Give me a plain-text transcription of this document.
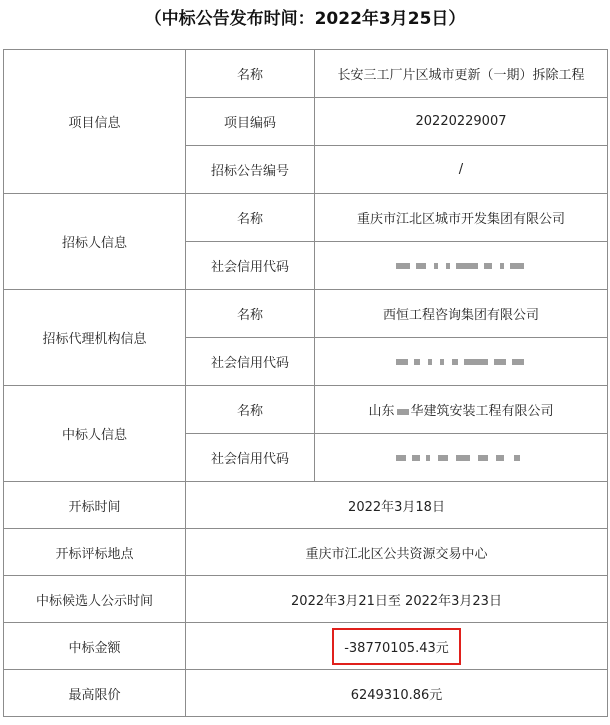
（中标公告发布时间：2022年3月25日）
项目信息	名称	长安三工厂片区城市更新（一期）拆除工程
	项目编码	20220229007
	招标公告编号	/
招标人信息	名称	重庆市江北区城市开发集团有限公司
	社会信用代码	

招标代理机构信息	名称	西恒工程咨询集团有限公司
	社会信用代码	

中标人信息	名称	山东 华建筑安装工程有限公司
	社会信用代码	

开标时间	2022年3月18日	
开标评标地点	重庆市江北区公共资源交易中心	
中标候选人公示时间	2022年3月21日至 2022年3月23日	
中标金额	-38770105.43元	
最高限价	6249310.86元	
